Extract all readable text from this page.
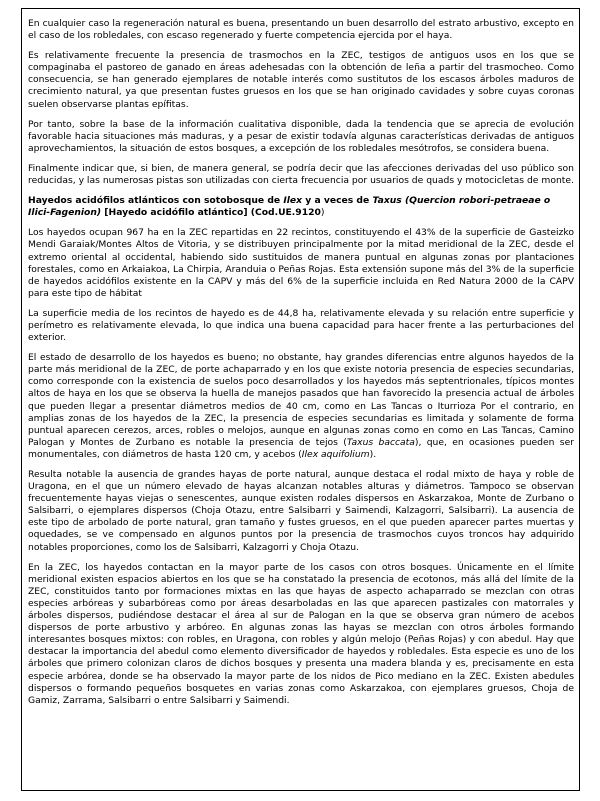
En cualquier caso la regeneración natural es buena, presentando un buen desarrollo del estrato arbustivo, excepto en el caso de los robledales, con escaso regenerado y fuerte competencia ejercida por el haya.

Es relativamente frecuente la presencia de trasmochos en la ZEC, testigos de antiguos usos en los que se compaginaba el pastoreo de ganado en áreas adehesadas con la obtención de leña a partir del trasmocheo. Como consecuencia, se han generado ejemplares de notable interés como sustitutos de los escasos árboles maduros de crecimiento natural, ya que presentan fustes gruesos en los que se han originado cavidades y sobre cuyas coronas suelen observarse plantas epífitas.

Por tanto, sobre la base de la información cualitativa disponible, dada la tendencia que se aprecia de evolución favorable hacia situaciones más maduras, y a pesar de existir todavía algunas características derivadas de antiguos aprovechamientos, la situación de estos bosques, a excepción de los robledales mesótrofos, se considera buena.

Finalmente indicar que, si bien, de manera general, se podría decir que las afecciones derivadas del uso público son reducidas, y las numerosas pistas son utilizadas con cierta frecuencia por usuarios de quads y motocicletas de monte.

Hayedos acidófilos atlánticos con sotobosque de Ilex y a veces de Taxus (Quercion robori-petraeae o Ilici-Fagenion) [Hayedo acidófilo atlántico] (Cod.UE.9120)

Los hayedos ocupan 967 ha en la ZEC repartidas en 22 recintos, constituyendo el 43% de la superficie de Gasteizko Mendi Garaiak/Montes Altos de Vitoria, y se distribuyen principalmente por la mitad meridional de la ZEC, desde el extremo oriental al occidental, habiendo sido sustituidos de manera puntual en algunas zonas por plantaciones forestales, como en Arkaiakoa, La Chirpia, Aranduia o Peñas Rojas. Esta extensión supone más del 3% de la superficie de hayedos acidófilos existente en la CAPV y más del 6% de la superficie incluida en Red Natura 2000 de la CAPV para este tipo de hábitat

La superficie media de los recintos de hayedo es de 44,8 ha, relativamente elevada y su relación entre superficie y perímetro es relativamente elevada, lo que indica una buena capacidad para hacer frente a las perturbaciones del exterior.

El estado de desarrollo de los hayedos es bueno; no obstante, hay grandes diferencias entre algunos hayedos de la parte más meridional de la ZEC, de porte achaparrado y en los que existe notoria presencia de especies secundarias, como corresponde con la existencia de suelos poco desarrollados y los hayedos más septentrionales, típicos montes altos de haya en los que se observa la huella de manejos pasados que han favorecido la presencia actual de árboles que pueden llegar a presentar diámetros medios de 40 cm, como en Las Tancas o Iturrioza Por el contrario, en amplias zonas de los hayedos de la ZEC, la presencia de especies secundarias es limitada y solamente de forma puntual aparecen cerezos, arces, robles o melojos, aunque en algunas zonas como en como en Las Tancas, Camino Palogan y Montes de Zurbano es notable la presencia de tejos (Taxus baccata), que, en ocasiones pueden ser monumentales, con diámetros de hasta 120 cm, y acebos (Ilex aquifolium).

Resulta notable la ausencia de grandes hayas de porte natural, aunque destaca el rodal mixto de haya y roble de Uragona, en el que un número elevado de hayas alcanzan notables alturas y diámetros. Tampoco se observan frecuentemente hayas viejas o senescentes, aunque existen rodales dispersos en Askarzakoa, Monte de Zurbano o Salsibarri, o ejemplares dispersos (Choja Otazu, entre Salsibarri y Saimendi, Kalzagorri, Salsibarri). La ausencia de este tipo de arbolado de porte natural, gran tamaño y fustes gruesos, en el que pueden aparecer partes muertas y oquedades, se ve compensado en algunos puntos por la presencia de trasmochos cuyos troncos hay adquirido notables proporciones, como los de Salsibarri, Kalzagorri y Choja Otazu.

En la ZEC, los hayedos contactan en la mayor parte de los casos con otros bosques. Únicamente en el límite meridional existen espacios abiertos en los que se ha constatado la presencia de ecotonos, más allá del límite de la ZEC, constituidos tanto por formaciones mixtas en las que hayas de aspecto achaparrado se mezclan con otras especies arbóreas y subarbóreas como por áreas desarboladas en las que aparecen pastizales con matorrales y árboles dispersos, pudiéndose destacar el área al sur de Palogan en la que se observa gran número de acebos dispersos de porte arbustivo y arbóreo. En algunas zonas las hayas se mezclan con otros árboles formando interesantes bosques mixtos: con robles, en Uragona, con robles y algún melojo (Peñas Rojas) y con abedul. Hay que destacar la importancia del abedul como elemento diversificador de hayedos y robledales. Esta especie es uno de los árboles que primero colonizan claros de dichos bosques y presenta una madera blanda y es, precisamente en esta especie arbórea, donde se ha observado la mayor parte de los nidos de Pico mediano en la ZEC. Existen abedules dispersos o formando pequeños bosquetes en varias zonas como Askarzakoa, con ejemplares gruesos, Choja de Gamiz, Zarrama, Salsibarri o entre Salsibarri y Saimendi.
